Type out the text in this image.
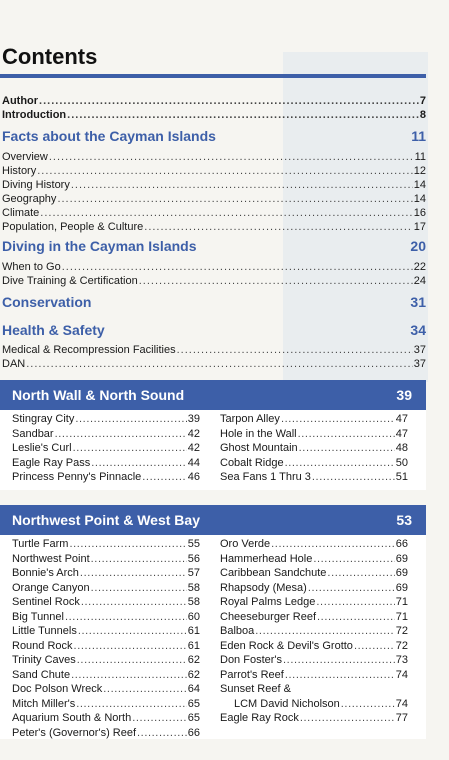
Contents
Author .....	7
Introduction .....	8
Facts about the Cayman Islands	11
Overview .....	11
History .....	12
Diving History .....	14
Geography .....	14
Climate .....	16
Population, People & Culture .....	17
Diving in the Cayman Islands	20
When to Go .....	22
Dive Training & Certification .....	24
Conservation	31
Health & Safety	34
Medical & Recompression Facilities .....	37
DAN .....	37
North Wall & North Sound	39
Stingray City .....	39
Sandbar .....	42
Leslie's Curl .....	42
Eagle Ray Pass .....	44
Princess Penny's Pinnacle .....	46
Tarpon Alley .....	47
Hole in the Wall .....	47
Ghost Mountain .....	48
Cobalt Ridge .....	50
Sea Fans 1 Thru 3 .....	51
Northwest Point & West Bay	53
Turtle Farm .....	55
Northwest Point .....	56
Bonnie's Arch .....	57
Orange Canyon .....	58
Sentinel Rock .....	58
Big Tunnel .....	60
Little Tunnels .....	61
Round Rock .....	61
Trinity Caves .....	62
Sand Chute .....	62
Doc Polson Wreck .....	64
Mitch Miller's .....	65
Aquarium South & North .....	65
Peter's (Governor's) Reef .....	66
Oro Verde .....	66
Hammerhead Hole .....	69
Caribbean Sandchute .....	69
Rhapsody (Mesa) .....	69
Royal Palms Ledge .....	71
Cheeseburger Reef .....	71
Balboa .....	72
Eden Rock & Devil's Grotto .....	72
Don Foster's .....	73
Parrot's Reef .....	74
Sunset Reef &
LCM David Nicholson .....	74
Eagle Ray Rock .....	77
